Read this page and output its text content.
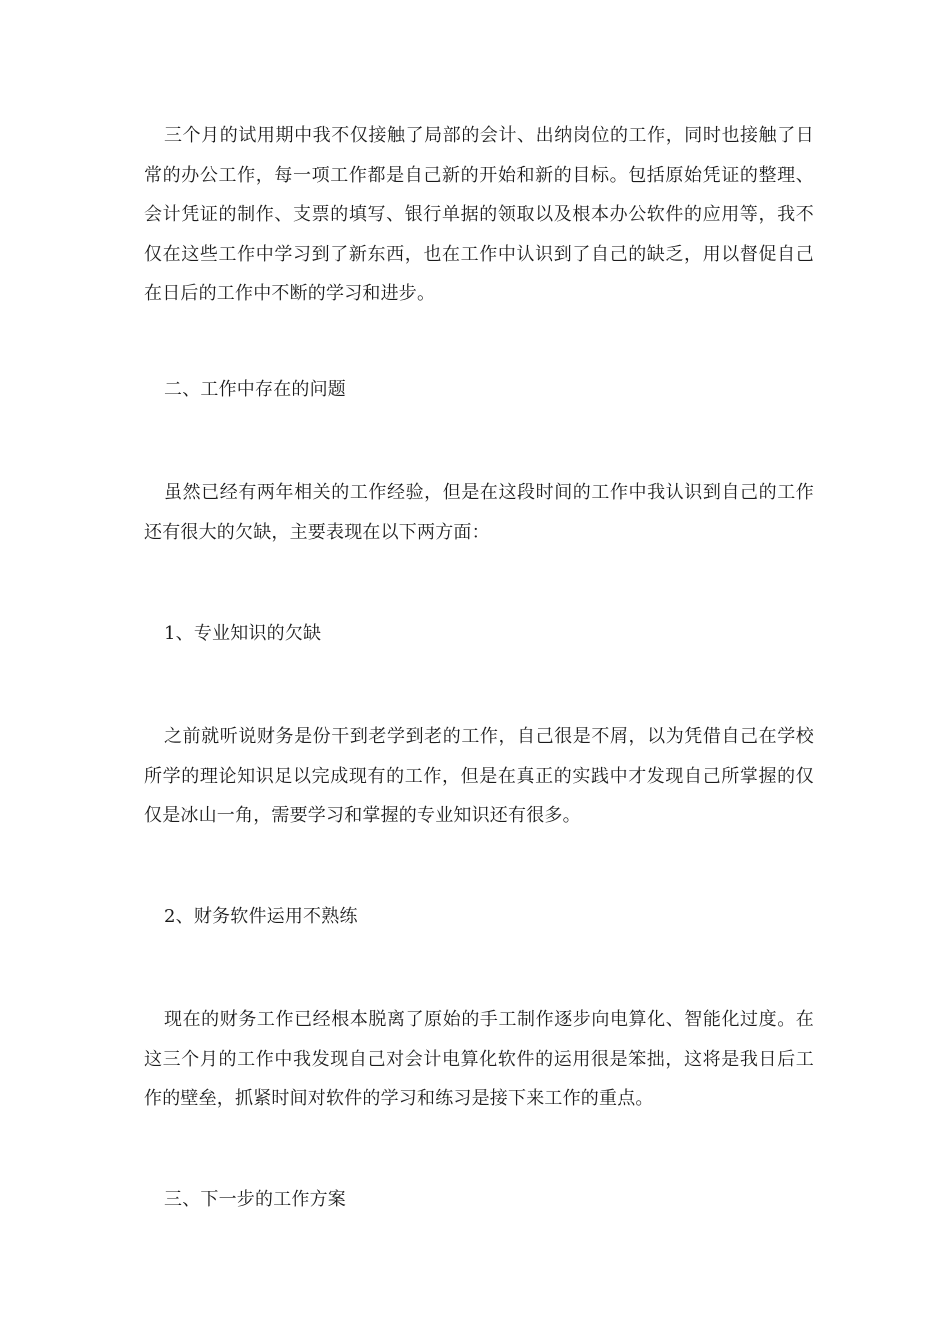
三个月的试用期中我不仅接触了局部的会计、出纳岗位的工作，同时也接触了日常的办公工作，每一项工作都是自己新的开始和新的目标。包括原始凭证的整理、会计凭证的制作、支票的填写、银行单据的领取以及根本办公软件的应用等，我不仅在这些工作中学习到了新东西，也在工作中认识到了自己的缺乏，用以督促自己在日后的工作中不断的学习和进步。

二、工作中存在的问题

虽然已经有两年相关的工作经验，但是在这段时间的工作中我认识到自己的工作还有很大的欠缺，主要表现在以下两方面：

1、专业知识的欠缺

之前就听说财务是份干到老学到老的工作，自己很是不屑，以为凭借自己在学校所学的理论知识足以完成现有的工作，但是在真正的实践中才发现自己所掌握的仅仅是冰山一角，需要学习和掌握的专业知识还有很多。

2、财务软件运用不熟练

现在的财务工作已经根本脱离了原始的手工制作逐步向电算化、智能化过度。在这三个月的工作中我发现自己对会计电算化软件的运用很是笨拙，这将是我日后工作的壁垒，抓紧时间对软件的学习和练习是接下来工作的重点。

三、下一步的工作方案
